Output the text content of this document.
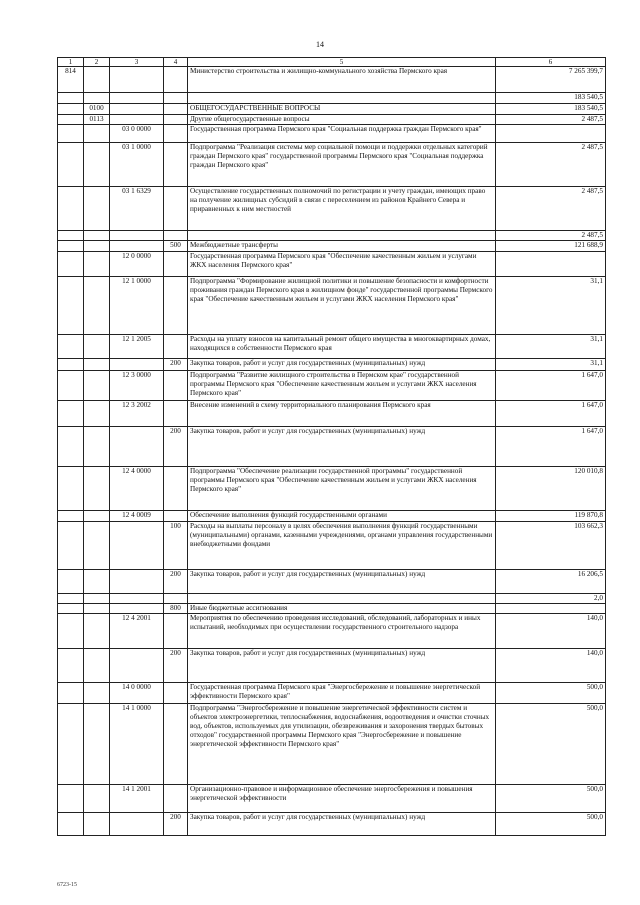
14
1	2	3	4	5	6
814				Министерство строительства и жилищно-коммунального хозяйства Пермского края	7 265 399,7
					183 540,5
	0100			ОБЩЕГОСУДАРСТВЕННЫЕ ВОПРОСЫ	183 540,5
	0113			Другие общегосударственные вопросы	2 487,5
		03 0 0000		Государственная программа Пермского края "Социальная поддержка граждан Пермского края"	
		03 1 0000		Подпрограмма "Реализация системы мер социальной помощи и поддержки отдельных категорий граждан Пермского края" государственной программы Пермского края "Социальная поддержка граждан Пермского края"	2 487,5
		03 1 6329		Осуществление государственных полномочий по регистрации и учету граждан, имеющих право на получение жилищных субсидий в связи с переселением из районов Крайнего Севера и приравненных к ним местностей	2 487,5
					2 487,5
			500	Межбюджетные трансферты	121 688,9
		12 0 0000		Государственная программа Пермского края "Обеспечение качественным жильем и услугами ЖКХ населения Пермского края"	
		12 1 0000		Подпрограмма "Формирование жилищной политики и повышение безопасности и комфортности проживания граждан Пермского края в жилищном фонде" государственной программы Пермского края "Обеспечение качественным жильем и услугами ЖКХ населения Пермского края"	31,1
		12 1 2005		Расходы на уплату взносов на капитальный ремонт общего имущества в многоквартирных домах, находящихся в собственности Пермского края	31,1
			200	Закупка товаров, работ и услуг для государственных (муниципальных) нужд	31,1
		12 3 0000		Подпрограмма "Развитие жилищного строительства в Пермском крае" государственной программы Пермского края "Обеспечение качественным жильем и услугами ЖКХ населения Пермского края"	1 647,0
		12 3 2002		Внесение изменений в схему территориального планирования Пермского края	1 647,0
			200	Закупка товаров, работ и услуг для государственных (муниципальных) нужд	1 647,0
		12 4 0000		Подпрограмма "Обеспечение реализации государственной программы" государственной программы Пермского края "Обеспечение качественным жильем и услугами ЖКХ населения Пермского края"	120 010,8
		12 4 0009		Обеспечение выполнения функций государственными органами	119 870,8
			100	Расходы на выплаты персоналу в целях обеспечения выполнения функций государственными (муниципальными) органами, казенными учреждениями, органами управления государственными внебюджетными фондами	103 662,3
			200	Закупка товаров, работ и услуг для государственных (муниципальных) нужд	16 206,5
					2,0
			800	Иные бюджетные ассигнования	
		12 4 2001		Мероприятия по обеспечению проведения исследований, обследований, лабораторных и иных испытаний, необходимых при осуществлении государственного строительного надзора	140,0
			200	Закупка товаров, работ и услуг для государственных (муниципальных) нужд	140,0
		14 0 0000		Государственная программа Пермского края "Энергосбережение и повышение энергетической эффективности Пермского края"	500,0
		14 1 0000		Подпрограмма "Энергосбережение и повышение энергетической эффективности систем и объектов электроэнергетики, теплоснабжения, водоснабжения, водоотведения и очистки сточных вод, объектов, используемых для утилизации, обезвреживания и захоронения твердых бытовых отходов" государственной программы Пермского края "Энергосбережение и повышение энергетической эффективности Пермского края"	500,0
		14 1 2001		Организационно-правовое и информационное обеспечение энергосбережения и повышения энергетической эффективности	500,0
			200	Закупка товаров, работ и услуг для государственных (муниципальных) нужд	500,0
6723-15
